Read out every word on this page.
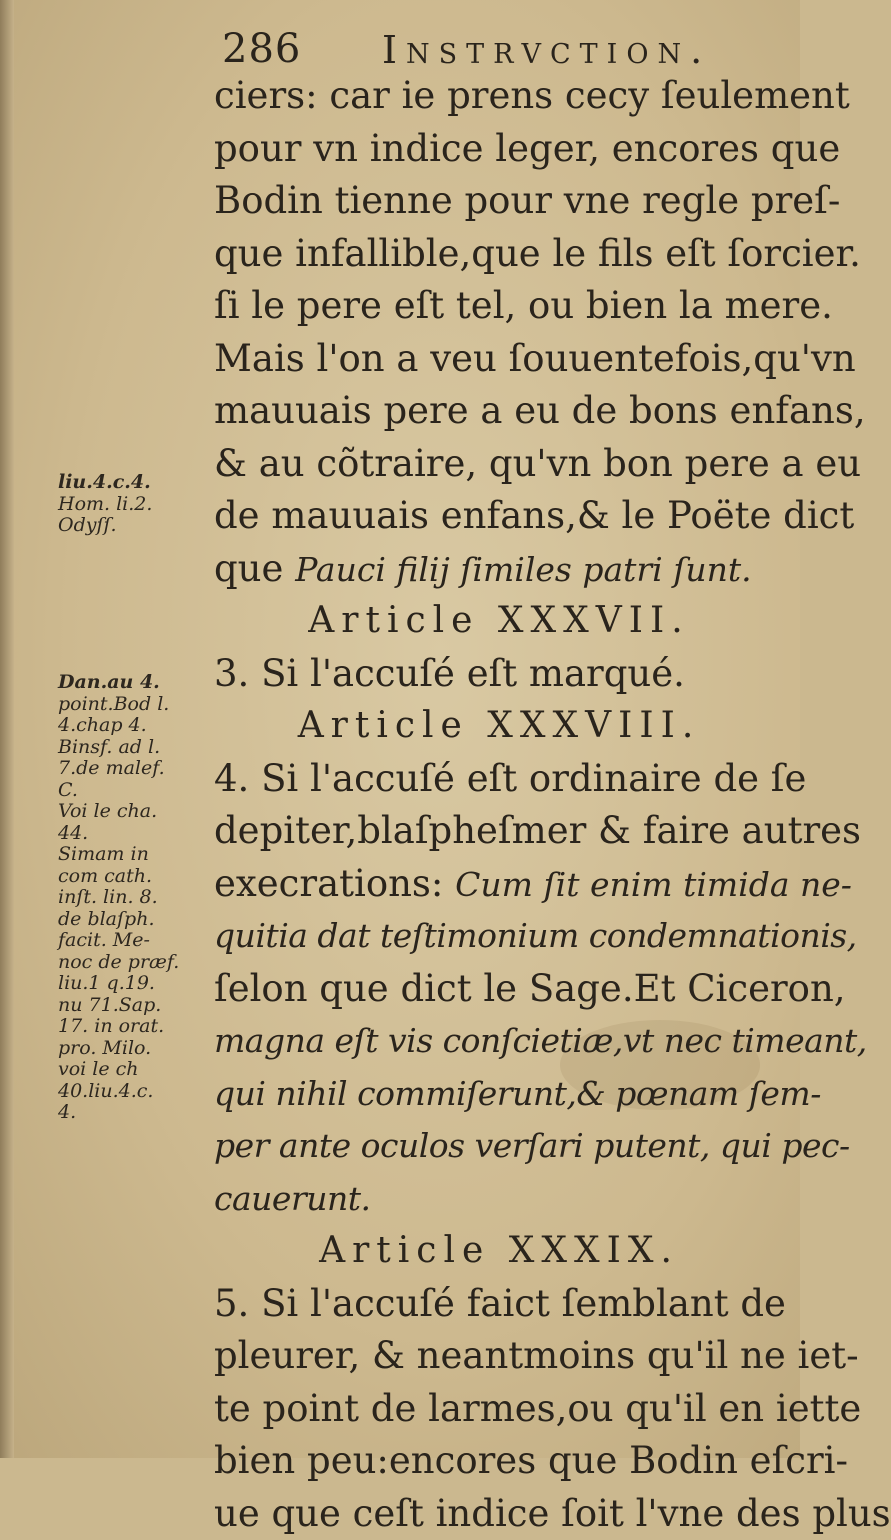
286 Instrvction.
ciers: car ie prens cecy ſeulement
pour vn indice leger, encores que
Bodin tienne pour vne regle preſ-
que infallible,que le fils eſt ſorcier.
ſi le pere eſt tel, ou bien la mere.
Mais l'on a veu ſouuentefois,qu'vn
mauuais pere a eu de bons enfans,
& au cõtraire, qu'vn bon pere a eu
de mauuais enfans,& le Poëte dict
que Pauci filij ſimiles patri ſunt.
Article XXXVII.
3. Si l'accuſé eſt marqué.
Article XXXVIII.
4. Si l'accuſé eſt ordinaire de ſe
depiter,blaſpheſmer & faire autres
execrations: Cum ſit enim timida ne-
quitia dat teſtimonium condemnationis,
ſelon que dict le Sage.Et Ciceron,
magna eſt vis conſcietiæ,vt nec timeant,
qui nihil commiſerunt,& pœnam ſem-
per ante oculos verſari putent, qui pec-
cauerunt.
Article XXXIX.
5. Si l'accuſé faict ſemblant de
pleurer, & neantmoins qu'il ne iet-
te point de larmes,ou qu'il en iette
bien peu:encores que Bodin eſcri-
ue que ceſt indice ſoit l'vne des plus
liu.4.c.4.
Hom. li.2.
Odyſſ.
Dan.au 4.
point.Bod l.
4.chap 4.
Binsf. ad l.
7.de malef.
C.
Voi le cha.
44.
Simam in
com cath.
inſt. lin. 8.
de blaſph.
facit. Me-
noc de præf.
liu.1 q.19.
nu 71.Sap.
17. in orat.
pro. Milo.
voi le ch
40.liu.4.c.
4.
